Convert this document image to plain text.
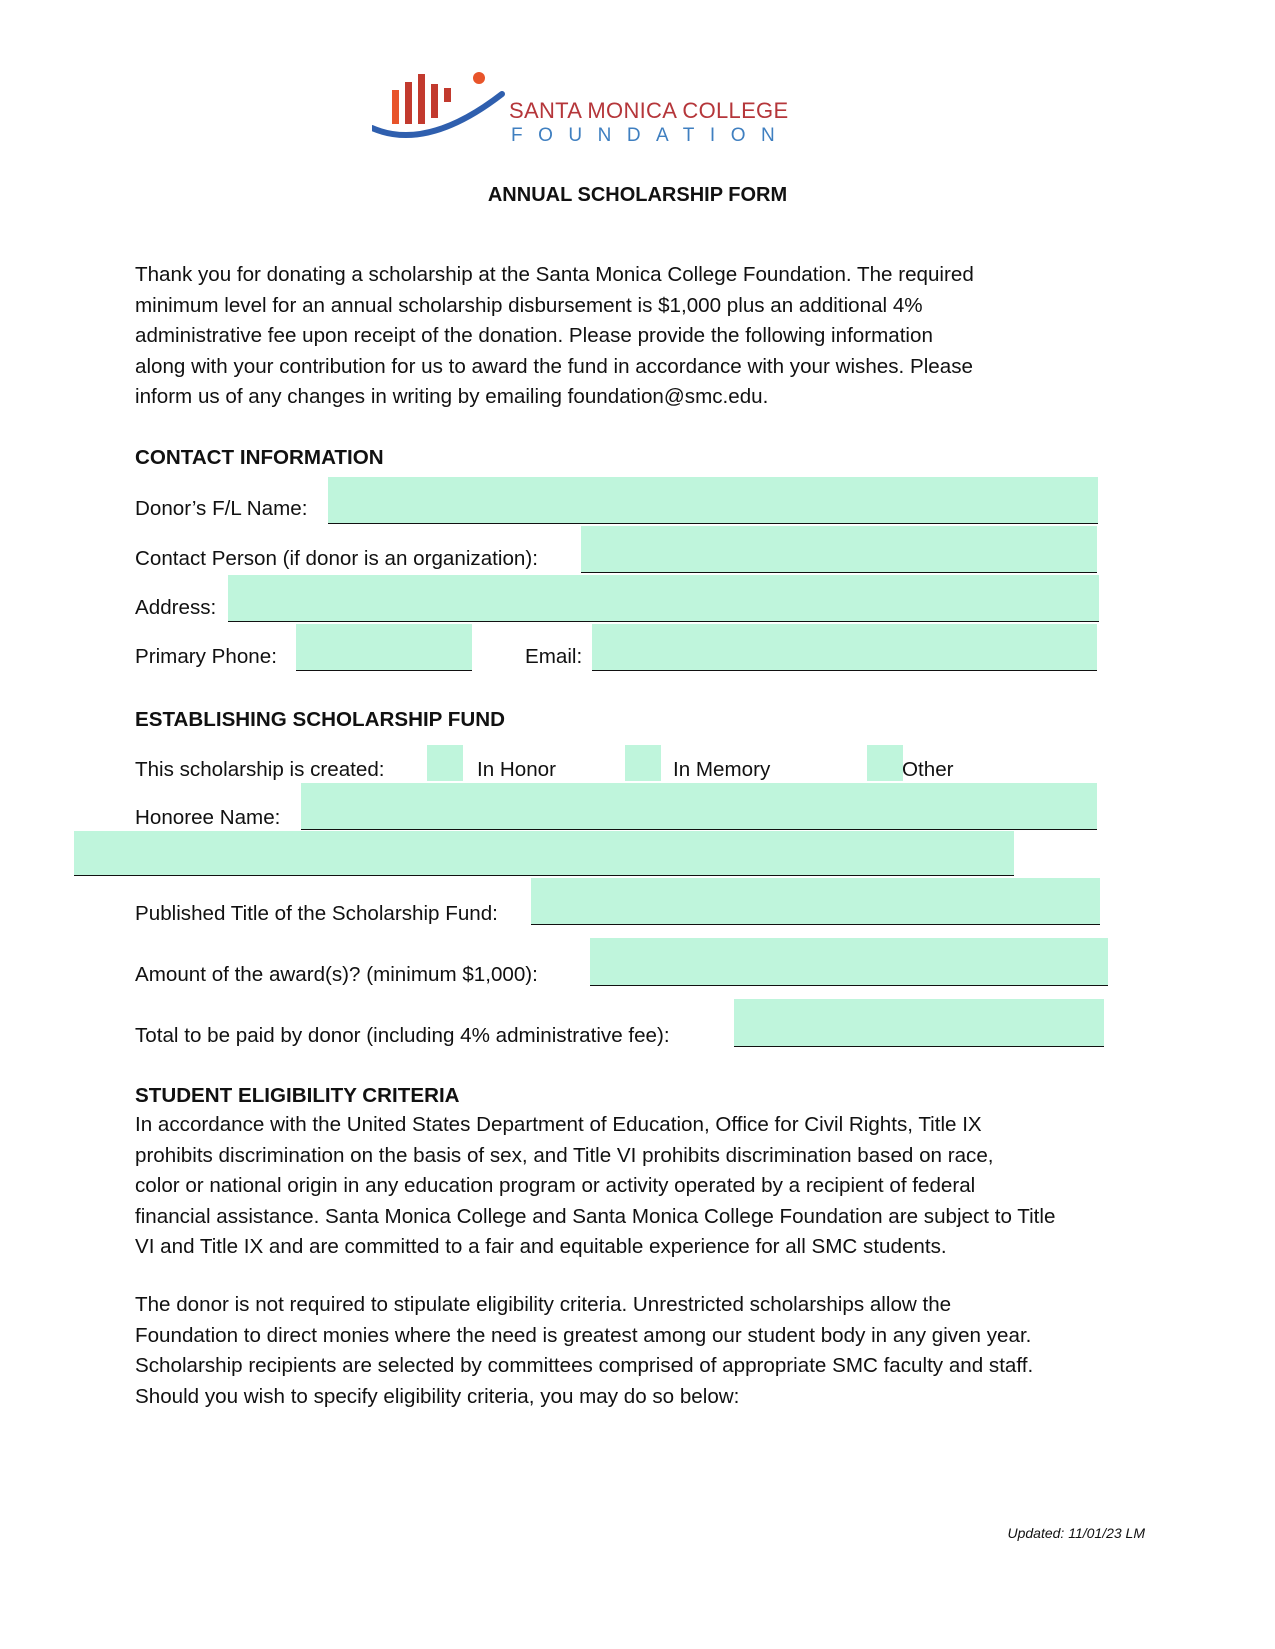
SANTA MONICA COLLEGE

FOUNDATION

ANNUAL SCHOLARSHIP FORM

Thank you for donating a scholarship at the Santa Monica College Foundation. The required
minimum level for an annual scholarship disbursement is $1,000 plus an additional 4%
administrative fee upon receipt of the donation. Please provide the following information
along with your contribution for us to award the fund in accordance with your wishes. Please
inform us of any changes in writing by emailing foundation@smc.edu.

CONTACT INFORMATION

Donor’s F/L Name:

Contact Person (if donor is an organization):

Address:

Primary Phone:	Email:

ESTABLISHING SCHOLARSHIP FUND

This scholarship is created:	In Honor	In Memory	Other

Honoree Name:

Published Title of the Scholarship Fund:

Amount of the award(s)? (minimum $1,000):

Total to be paid by donor (including 4% administrative fee):

STUDENT ELIGIBILITY CRITERIA

In accordance with the United States Department of Education, Office for Civil Rights, Title IX
prohibits discrimination on the basis of sex, and Title VI prohibits discrimination based on race,
color or national origin in any education program or activity operated by a recipient of federal
financial assistance. Santa Monica College and Santa Monica College Foundation are subject to Title
VI and Title IX and are committed to a fair and equitable experience for all SMC students.

The donor is not required to stipulate eligibility criteria. Unrestricted scholarships allow the
Foundation to direct monies where the need is greatest among our student body in any given year.
Scholarship recipients are selected by committees comprised of appropriate SMC faculty and staff.
Should you wish to specify eligibility criteria, you may do so below:

Updated: 11/01/23 LM
